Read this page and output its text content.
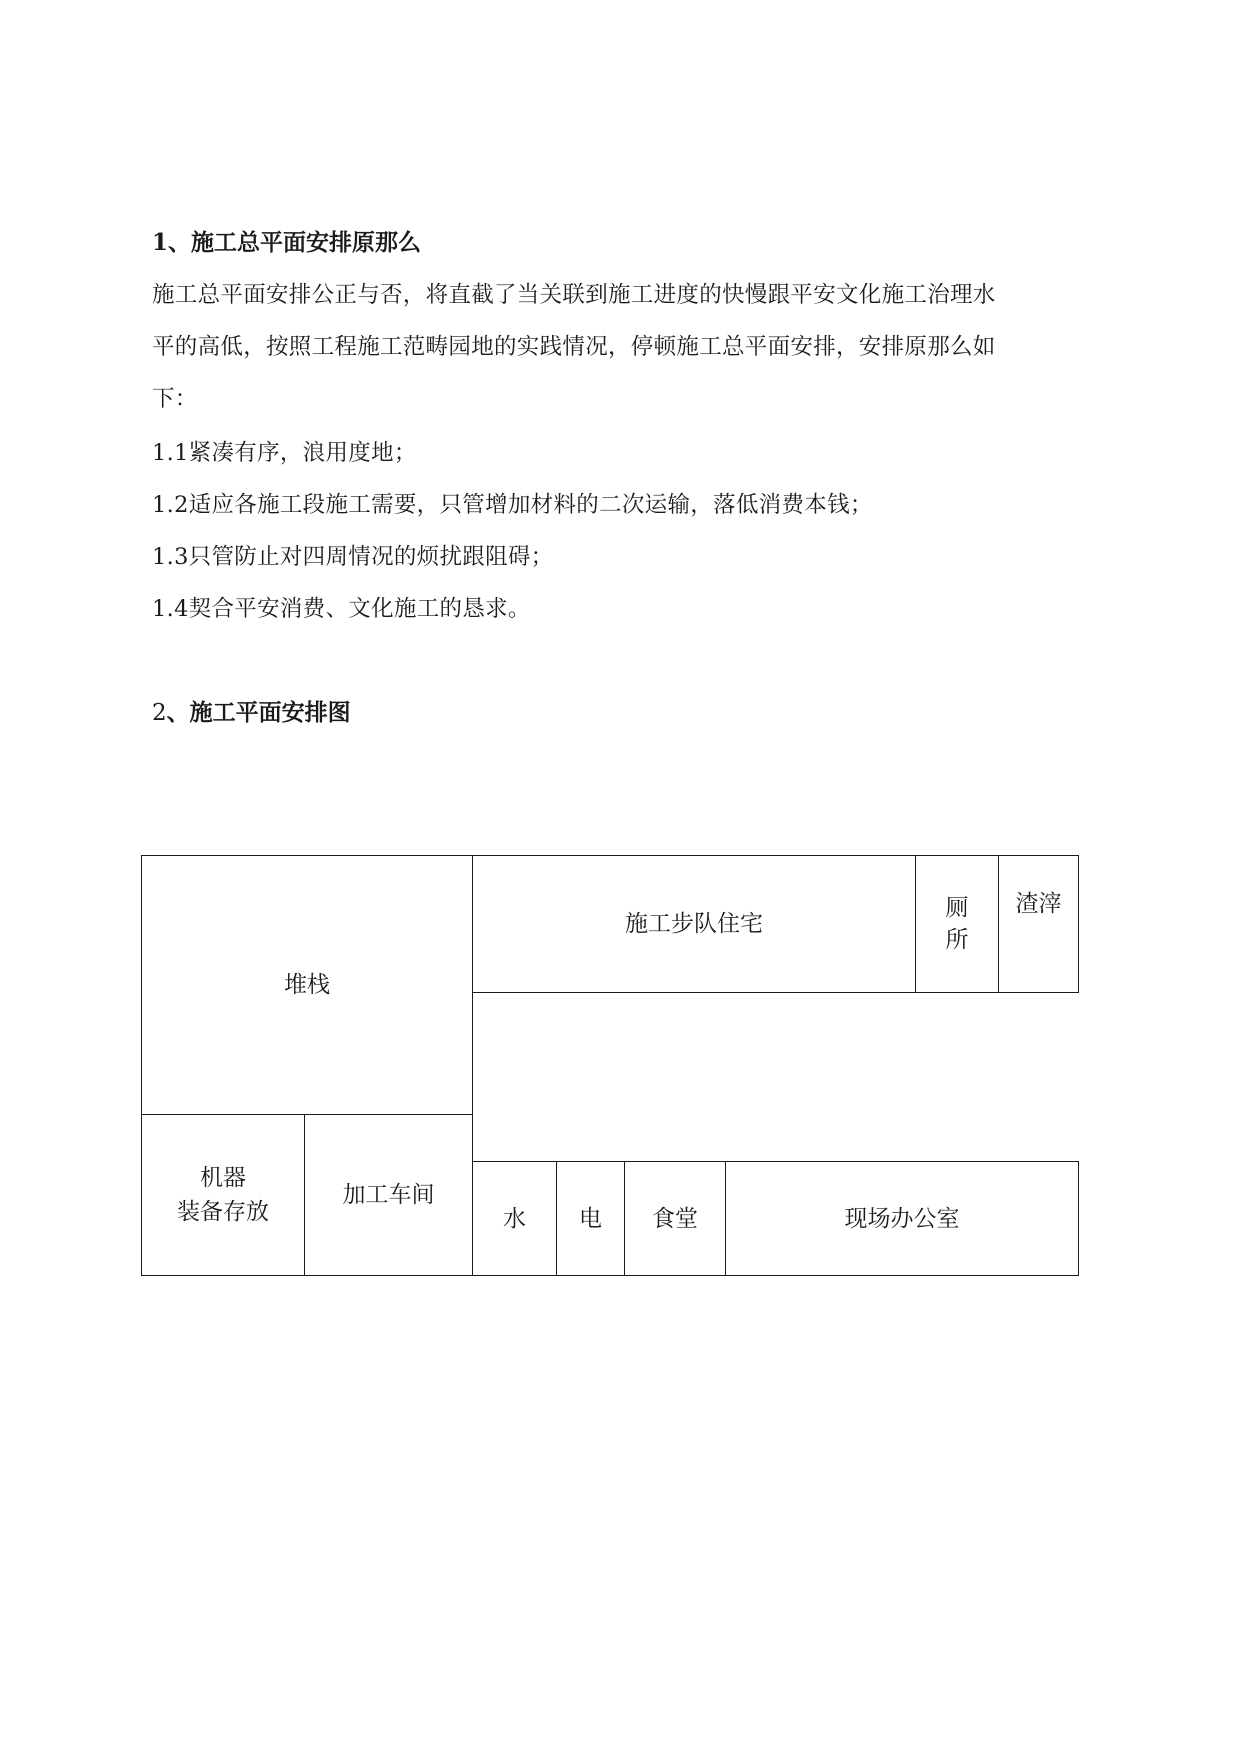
1、施工总平面安排原那么
施工总平面安排公正与否，将直截了当关联到施工进度的快慢跟平安文化施工治理水
平的高低，按照工程施工范畴园地的实践情况，停顿施工总平面安排，安排原那么如
下：
1.1紧凑有序，浪用度地；
1.2适应各施工段施工需要，只管增加材料的二次运输，落低消费本钱；
1.3只管防止对四周情况的烦扰跟阻碍；
1.4契合平安消费、文化施工的恳求。
2、施工平面安排图
堆栈
施工步队住宅
厕所
渣滓
机器
装备存放
加工车间
水 电 食堂	现场办公室
